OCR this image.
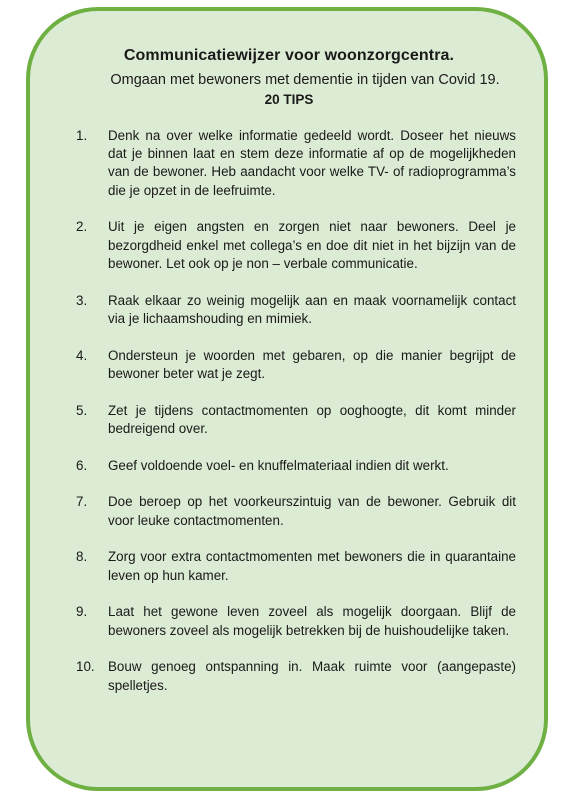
Communicatiewijzer voor woonzorgcentra.
Omgaan met bewoners met dementie in tijden van Covid 19.
20 TIPS
1.	Denk na over welke informatie gedeeld wordt. Doseer het nieuws dat je binnen laat en stem deze informatie af op de mogelijkheden van de bewoner. Heb aandacht voor welke TV- of radioprogramma’s die je opzet in de leefruimte.
2.	Uit je eigen angsten en zorgen niet naar bewoners. Deel je bezorgdheid enkel met collega’s en doe dit niet in het bijzijn van de bewoner. Let ook op je non – verbale communicatie.
3.	Raak elkaar zo weinig mogelijk aan en maak voornamelijk contact via je lichaamshouding en mimiek.
4.	Ondersteun je woorden met gebaren, op die manier begrijpt de bewoner beter wat je zegt.
5.	Zet je tijdens contactmomenten op ooghoogte, dit komt minder bedreigend over.
6.	Geef voldoende voel- en knuffelmateriaal indien dit werkt.
7.	Doe beroep op het voorkeurszintuig van de bewoner. Gebruik dit voor leuke contactmomenten.
8.	Zorg voor extra contactmomenten met bewoners die in quarantaine leven op hun kamer.
9.	Laat het gewone leven zoveel als mogelijk doorgaan. Blijf de bewoners zoveel als mogelijk betrekken bij de huishoudelijke taken.
10. Bouw genoeg ontspanning in. Maak ruimte voor (aangepaste) spelletjes.
